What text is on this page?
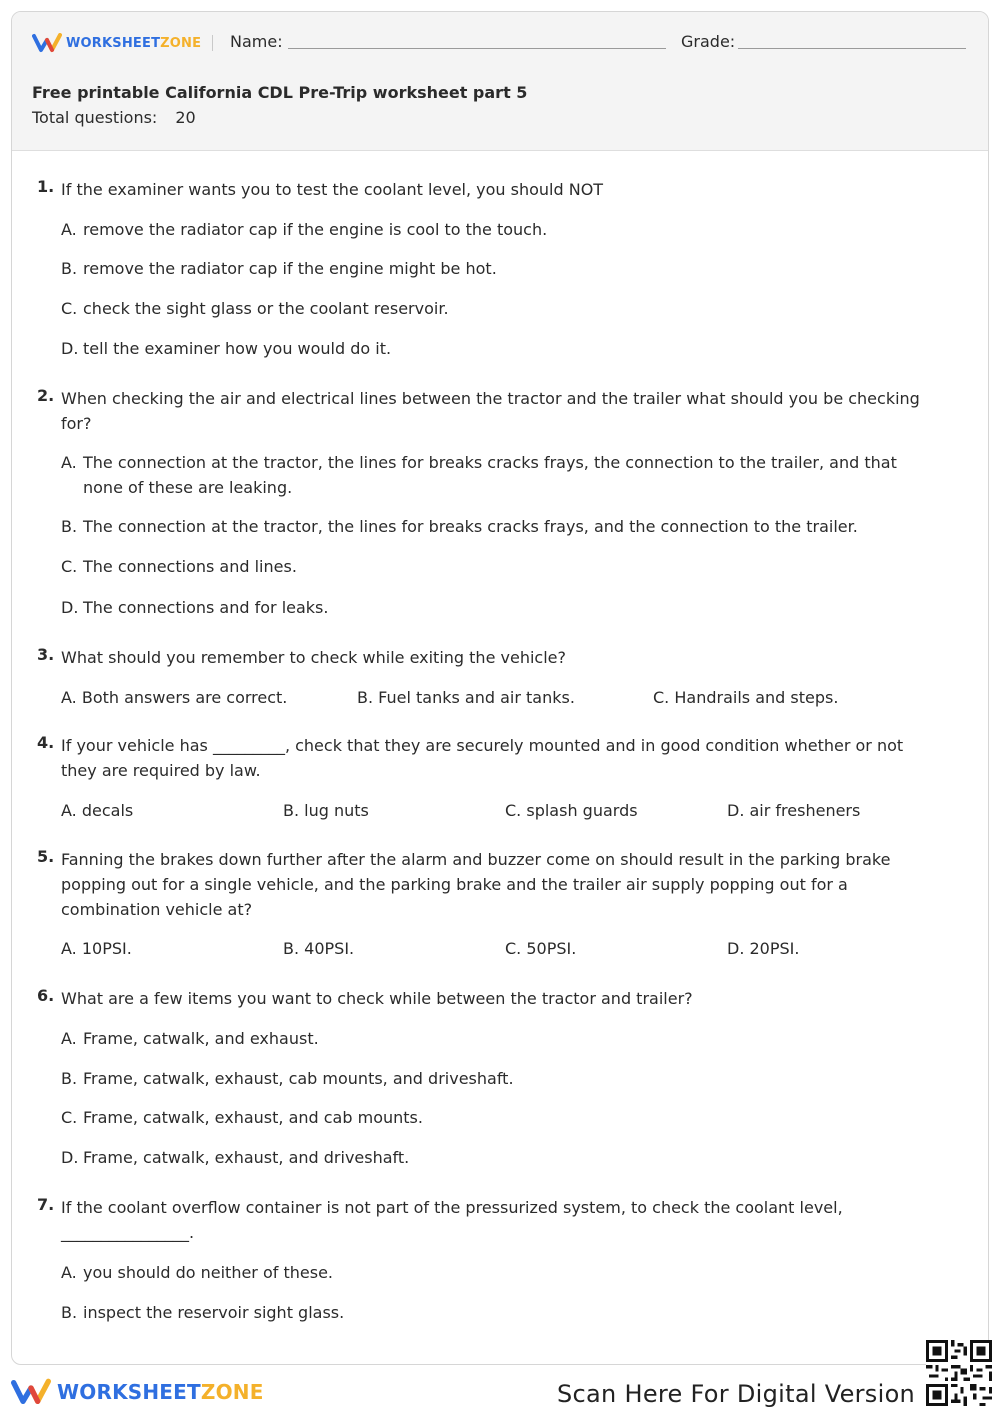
WORKSHEETZONE Name:	Grade:
Free printable California CDL Pre-Trip worksheet part 5
Total questions: 20
1. If the examiner wants you to test the coolant level, you should NOT
A. remove the radiator cap if the engine is cool to the touch.
B. remove the radiator cap if the engine might be hot.
C. check the sight glass or the coolant reservoir.
D. tell the examiner how you would do it.
2. When checking the air and electrical lines between the tractor and the trailer what should you be checking for?
A. The connection at the tractor, the lines for breaks cracks frays, the connection to the trailer, and that none of these are leaking.
B. The connection at the tractor, the lines for breaks cracks frays, and the connection to the trailer.
C. The connections and lines.
D. The connections and for leaks.
3. What should you remember to check while exiting the vehicle?
A. Both answers are correct.	B. Fuel tanks and air tanks.	C. Handrails and steps.
4. If your vehicle has _________, check that they are securely mounted and in good condition whether or not they are required by law.
A. decals	B. lug nuts	C. splash guards	D. air fresheners
5. Fanning the brakes down further after the alarm and buzzer come on should result in the parking brake popping out for a single vehicle, and the parking brake and the trailer air supply popping out for a combination vehicle at?
A. 10PSI.	B. 40PSI.	C. 50PSI.	D. 20PSI.
6. What are a few items you want to check while between the tractor and trailer?
A. Frame, catwalk, and exhaust.
B. Frame, catwalk, exhaust, cab mounts, and driveshaft.
C. Frame, catwalk, exhaust, and cab mounts.
D. Frame, catwalk, exhaust, and driveshaft.
7. If the coolant overflow container is not part of the pressurized system, to check the coolant level, ________________.
A. you should do neither of these.
B. inspect the reservoir sight glass.
WORKSHEETZONE	Scan Here For Digital Version
